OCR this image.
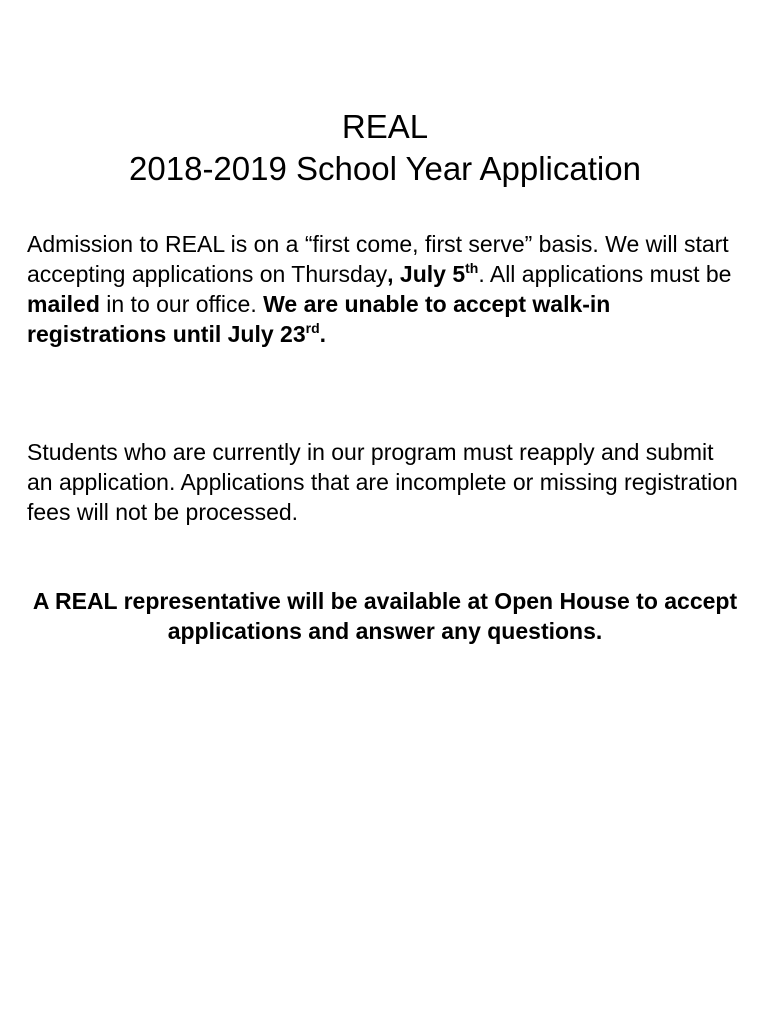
REAL
2018-2019 School Year Application

Admission to REAL is on a “first come, first serve” basis. We will start accepting applications on Thursday, July 5th. All applications must be mailed in to our office. We are unable to accept walk-in registrations until July 23rd.

Students who are currently in our program must reapply and submit an application. Applications that are incomplete or missing registration fees will not be processed.

A REAL representative will be available at Open House to accept applications and answer any questions.
